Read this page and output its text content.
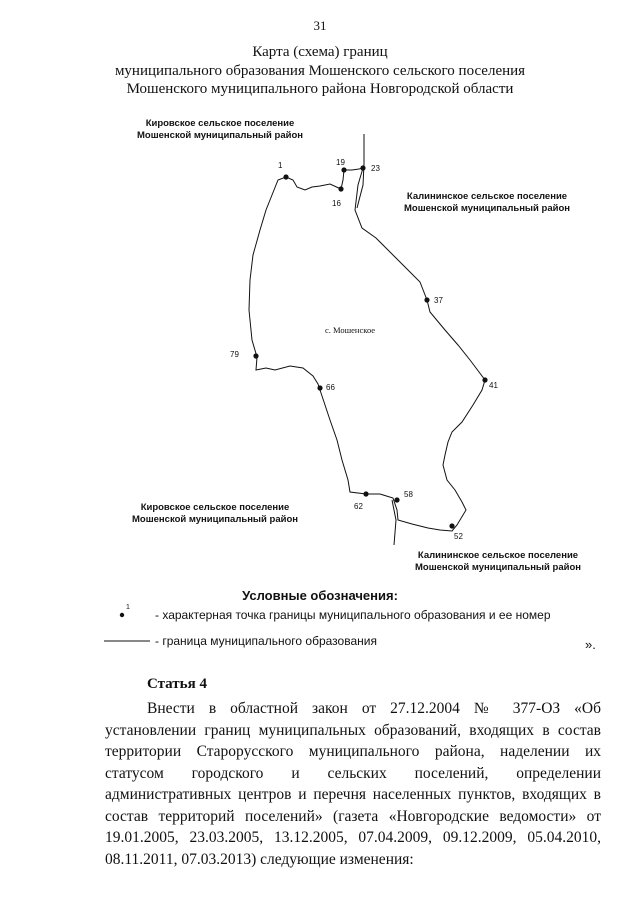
31
Карта (схема) границ
муниципального образования Мошенского сельского поселения
Мошенского муниципального района Новгородской области
1	19
23
16
37
79
66	41
62
58
52
с. Мошенское
Кировское сельское поселение
Мошенской муниципальный район
Калининское сельское поселение
Мошенской муниципальный район
Кировское сельское поселение
Мошенской муниципальный район
Калининское сельское поселение
Мошенской муниципальный район
Условные обозначения:
1
- характерная точка границы муниципального образования и ее номер
- граница муниципального образования	».
Статья 4
Внести в областной закон от 27.12.2004 № 377-ОЗ «Об установлении границ муниципальных образований, входящих в состав территории Старорусского муниципального района, наделении их статусом городского и сельских поселений, определении административных центров и перечня населенных пунктов, входящих в состав территорий поселений» (газета «Новгородские ведомости» от 19.01.2005, 23.03.2005, 13.12.2005, 07.04.2009, 09.12.2009, 05.04.2010, 08.11.2011, 07.03.2013) следующие изменения:
